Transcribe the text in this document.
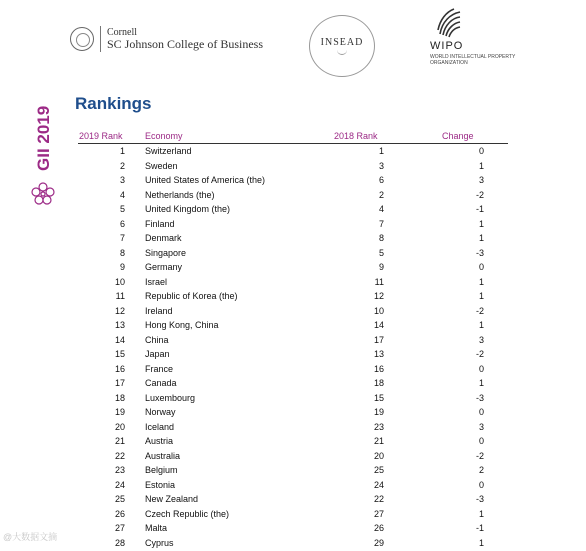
Cornell
SC Johnson College of Business	INSEAD	WIPO
WORLD INTELLECTUAL PROPERTY ORGANIZATION
GII 2019
Rankings
2019 Rank Economy	2018 Rank	Change
1 Switzerland	1	0
2 Sweden	3	1
3 United States of America (the)	6	3
4 Netherlands (the)	2	-2
5 United Kingdom (the)	4	-1
6 Finland	7	1
7 Denmark	8	1
8 Singapore	5	-3
9 Germany	9	0
10 Israel	11	1
11 Republic of Korea (the)	12	1
12 Ireland	10	-2
13 Hong Kong, China	14	1
14 China	17	3
15 Japan	13	-2
16 France	16	0
17 Canada	18	1
18 Luxembourg	15	-3
19 Norway	19	0
20 Iceland	23	3
21 Austria	21	0
22 Australia	20	-2
23 Belgium	25	2
24 Estonia	24	0
25 New Zealand	22	-3
26 Czech Republic (the)	27	1
27 Malta	26	-1
28 Cyprus	29	1
@大数据文摘
